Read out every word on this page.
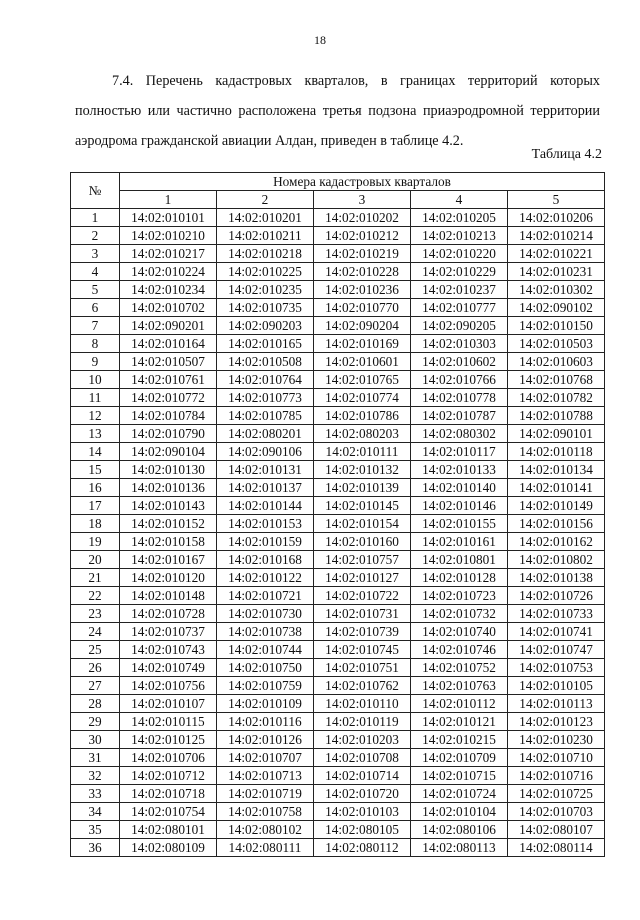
18

7.4. Перечень кадастровых кварталов, в границах территорий которых полностью или частично расположена третья подзона приаэродромной территории аэродрома гражданской авиации Алдан, приведен в таблице 4.2.

Таблица 4.2
№	Номера кадастровых кварталов				
	1	2	3	4	5
1	14:02:010101	14:02:010201	14:02:010202	14:02:010205	14:02:010206
2	14:02:010210	14:02:010211	14:02:010212	14:02:010213	14:02:010214
3	14:02:010217	14:02:010218	14:02:010219	14:02:010220	14:02:010221
4	14:02:010224	14:02:010225	14:02:010228	14:02:010229	14:02:010231
5	14:02:010234	14:02:010235	14:02:010236	14:02:010237	14:02:010302
6	14:02:010702	14:02:010735	14:02:010770	14:02:010777	14:02:090102
7	14:02:090201	14:02:090203	14:02:090204	14:02:090205	14:02:010150
8	14:02:010164	14:02:010165	14:02:010169	14:02:010303	14:02:010503
9	14:02:010507	14:02:010508	14:02:010601	14:02:010602	14:02:010603
10	14:02:010761	14:02:010764	14:02:010765	14:02:010766	14:02:010768
11	14:02:010772	14:02:010773	14:02:010774	14:02:010778	14:02:010782
12	14:02:010784	14:02:010785	14:02:010786	14:02:010787	14:02:010788
13	14:02:010790	14:02:080201	14:02:080203	14:02:080302	14:02:090101
14	14:02:090104	14:02:090106	14:02:010111	14:02:010117	14:02:010118
15	14:02:010130	14:02:010131	14:02:010132	14:02:010133	14:02:010134
16	14:02:010136	14:02:010137	14:02:010139	14:02:010140	14:02:010141
17	14:02:010143	14:02:010144	14:02:010145	14:02:010146	14:02:010149
18	14:02:010152	14:02:010153	14:02:010154	14:02:010155	14:02:010156
19	14:02:010158	14:02:010159	14:02:010160	14:02:010161	14:02:010162
20	14:02:010167	14:02:010168	14:02:010757	14:02:010801	14:02:010802
21	14:02:010120	14:02:010122	14:02:010127	14:02:010128	14:02:010138
22	14:02:010148	14:02:010721	14:02:010722	14:02:010723	14:02:010726
23	14:02:010728	14:02:010730	14:02:010731	14:02:010732	14:02:010733
24	14:02:010737	14:02:010738	14:02:010739	14:02:010740	14:02:010741
25	14:02:010743	14:02:010744	14:02:010745	14:02:010746	14:02:010747
26	14:02:010749	14:02:010750	14:02:010751	14:02:010752	14:02:010753
27	14:02:010756	14:02:010759	14:02:010762	14:02:010763	14:02:010105
28	14:02:010107	14:02:010109	14:02:010110	14:02:010112	14:02:010113
29	14:02:010115	14:02:010116	14:02:010119	14:02:010121	14:02:010123
30	14:02:010125	14:02:010126	14:02:010203	14:02:010215	14:02:010230
31	14:02:010706	14:02:010707	14:02:010708	14:02:010709	14:02:010710
32	14:02:010712	14:02:010713	14:02:010714	14:02:010715	14:02:010716
33	14:02:010718	14:02:010719	14:02:010720	14:02:010724	14:02:010725
34	14:02:010754	14:02:010758	14:02:010103	14:02:010104	14:02:010703
35	14:02:080101	14:02:080102	14:02:080105	14:02:080106	14:02:080107
36	14:02:080109	14:02:080111	14:02:080112	14:02:080113	14:02:080114
